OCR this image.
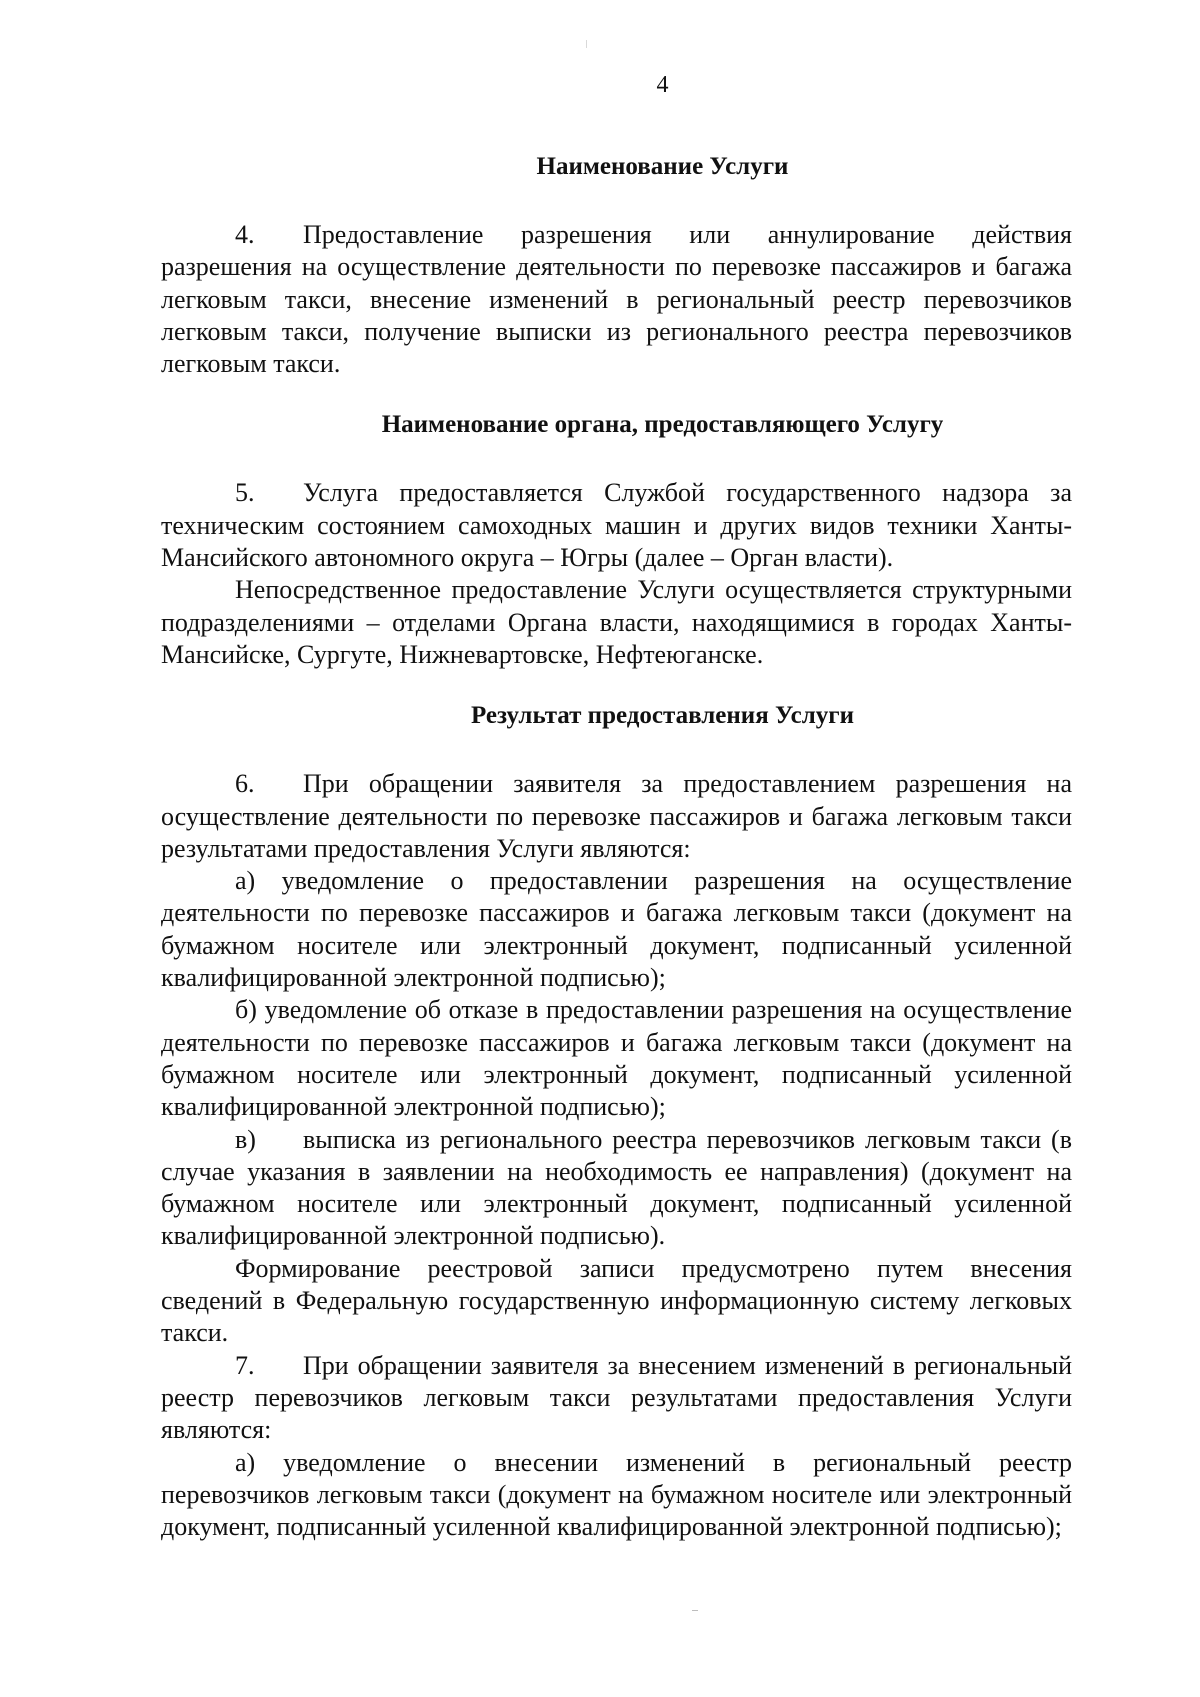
4
Наименование Услуги

4. Предоставление разрешения или аннулирование действия разрешения на осуществление деятельности по перевозке пассажиров и багажа легковым такси, внесение изменений в региональный реестр перевозчиков легковым такси, получение выписки из регионального реестра перевозчиков легковым такси.

Наименование органа, предоставляющего Услугу

5. Услуга предоставляется Службой государственного надзора за техническим состоянием самоходных машин и других видов техники Ханты-Мансийского автономного округа – Югры (далее – Орган власти).

Непосредственное предоставление Услуги осуществляется структурными подразделениями – отделами Органа власти, находящимися в городах Ханты-Мансийске, Сургуте, Нижневартовске, Нефтеюганске.

Результат предоставления Услуги

6. При обращении заявителя за предоставлением разрешения на осуществление деятельности по перевозке пассажиров и багажа легковым такси результатами предоставления Услуги являются:

а) уведомление о предоставлении разрешения на осуществление деятельности по перевозке пассажиров и багажа легковым такси (документ на бумажном носителе или электронный документ, подписанный усиленной квалифицированной электронной подписью);

б) уведомление об отказе в предоставлении разрешения на осуществление деятельности по перевозке пассажиров и багажа легковым такси (документ на бумажном носителе или электронный документ, подписанный усиленной квалифицированной электронной подписью);

в) выписка из регионального реестра перевозчиков легковым такси (в случае указания в заявлении на необходимость ее направления) (документ на бумажном носителе или электронный документ, подписанный усиленной квалифицированной электронной подписью).

Формирование реестровой записи предусмотрено путем внесения сведений в Федеральную государственную информационную систему легковых такси.

7. При обращении заявителя за внесением изменений в региональный реестр перевозчиков легковым такси результатами предоставления Услуги являются:

а) уведомление о внесении изменений в региональный реестр перевозчиков легковым такси (документ на бумажном носителе или электронный документ, подписанный усиленной квалифицированной электронной подписью);
